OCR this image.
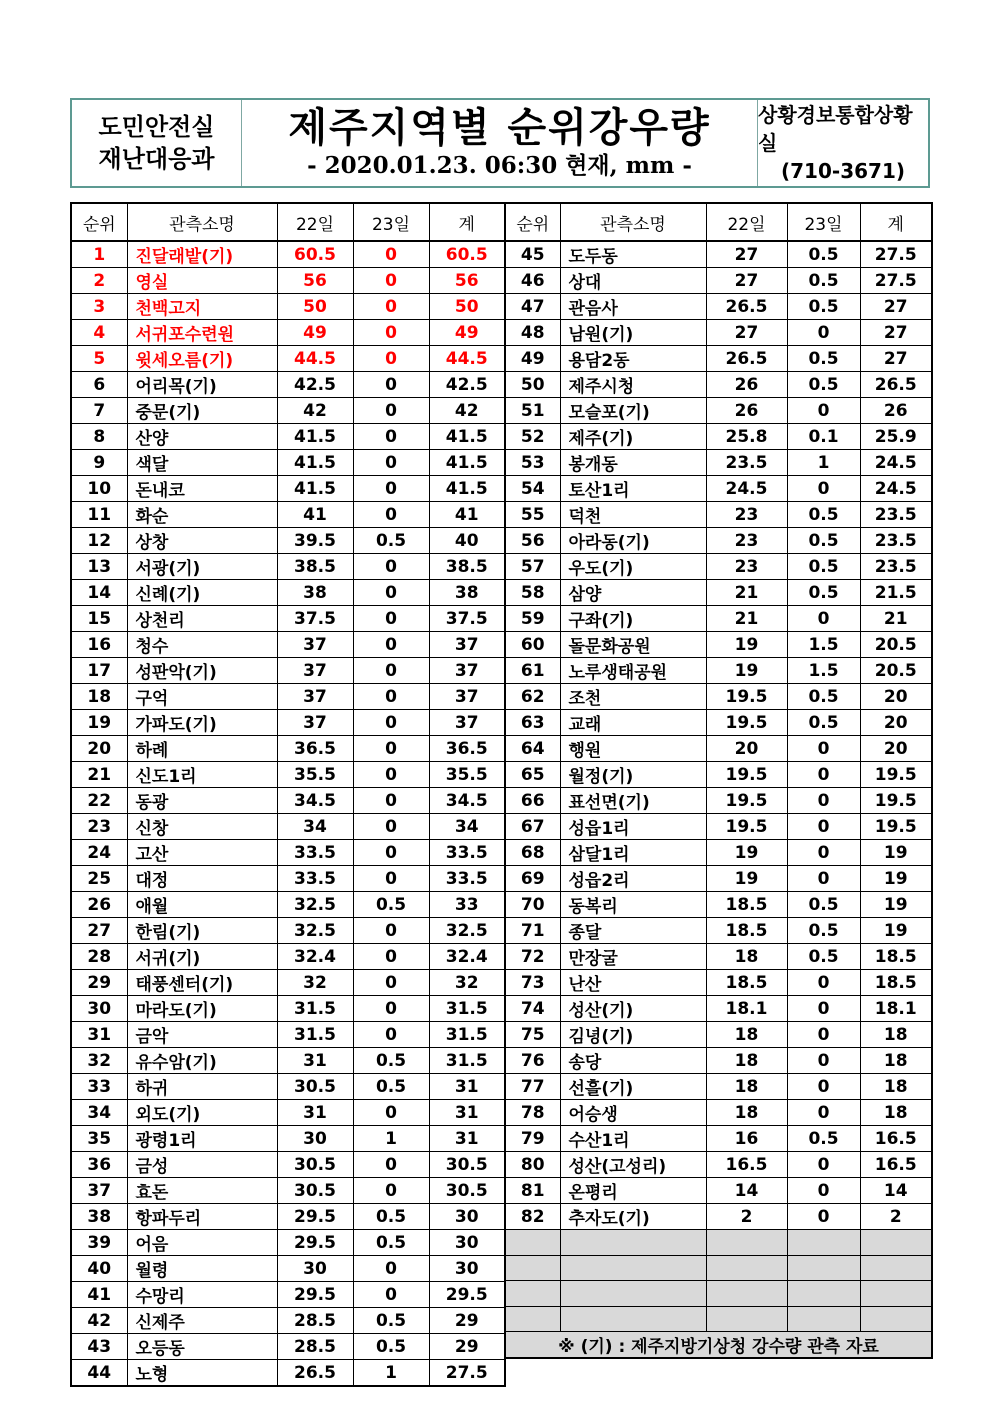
도민안전실
재난대응과
제주지역별 순위강우량
- 2020.01.23. 06:30 현재, mm -
상황경보통합상황실
(710-3671)
순위	관측소명	22일	23일	계
1	진달래밭(기)	60.5	0	60.5
2	영실	56	0	56
3	천백고지	50	0	50
4	서귀포수련원	49	0	49
5	윗세오름(기)	44.5	0	44.5
6	어리목(기)	42.5	0	42.5
7	중문(기)	42	0	42
8	산양	41.5	0	41.5
9	색달	41.5	0	41.5
10	돈내코	41.5	0	41.5
11	화순	41	0	41
12	상창	39.5	0.5	40
13	서광(기)	38.5	0	38.5
14	신례(기)	38	0	38
15	상천리	37.5	0	37.5
16	청수	37	0	37
17	성판악(기)	37	0	37
18	구억	37	0	37
19	가파도(기)	37	0	37
20	하례	36.5	0	36.5
21	신도1리	35.5	0	35.5
22	동광	34.5	0	34.5
23	신창	34	0	34
24	고산	33.5	0	33.5
25	대정	33.5	0	33.5
26	애월	32.5	0.5	33
27	한림(기)	32.5	0	32.5
28	서귀(기)	32.4	0	32.4
29	태풍센터(기)	32	0	32
30	마라도(기)	31.5	0	31.5
31	금악	31.5	0	31.5
32	유수암(기)	31	0.5	31.5
33	하귀	30.5	0.5	31
34	외도(기)	31	0	31
35	광령1리	30	1	31
36	금성	30.5	0	30.5
37	효돈	30.5	0	30.5
38	항파두리	29.5	0.5	30
39	어음	29.5	0.5	30
40	월령	30	0	30
41	수망리	29.5	0	29.5
42	신제주	28.5	0.5	29
43	오등동	28.5	0.5	29
44	노형	26.5	1	27.5
순위	관측소명	22일	23일	계
45	도두동	27	0.5	27.5
46	상대	27	0.5	27.5
47	관음사	26.5	0.5	27
48	남원(기)	27	0	27
49	용담2동	26.5	0.5	27
50	제주시청	26	0.5	26.5
51	모슬포(기)	26	0	26
52	제주(기)	25.8	0.1	25.9
53	봉개동	23.5	1	24.5
54	토산1리	24.5	0	24.5
55	덕천	23	0.5	23.5
56	아라동(기)	23	0.5	23.5
57	우도(기)	23	0.5	23.5
58	삼양	21	0.5	21.5
59	구좌(기)	21	0	21
60	돌문화공원	19	1.5	20.5
61	노루생태공원	19	1.5	20.5
62	조천	19.5	0.5	20
63	교래	19.5	0.5	20
64	행원	20	0	20
65	월정(기)	19.5	0	19.5
66	표선면(기)	19.5	0	19.5
67	성읍1리	19.5	0	19.5
68	삼달1리	19	0	19
69	성읍2리	19	0	19
70	동복리	18.5	0.5	19
71	종달	18.5	0.5	19
72	만장굴	18	0.5	18.5
73	난산	18.5	0	18.5
74	성산(기)	18.1	0	18.1
75	김녕(기)	18	0	18
76	송당	18	0	18
77	선흘(기)	18	0	18
78	어승생	18	0	18
79	수산1리	16	0.5	16.5
80	성산(고성리)	16.5	0	16.5
81	온평리	14	0	14
82	추자도(기)	2	0	2

※ (기) : 제주지방기상청 강수량 관측 자료				
